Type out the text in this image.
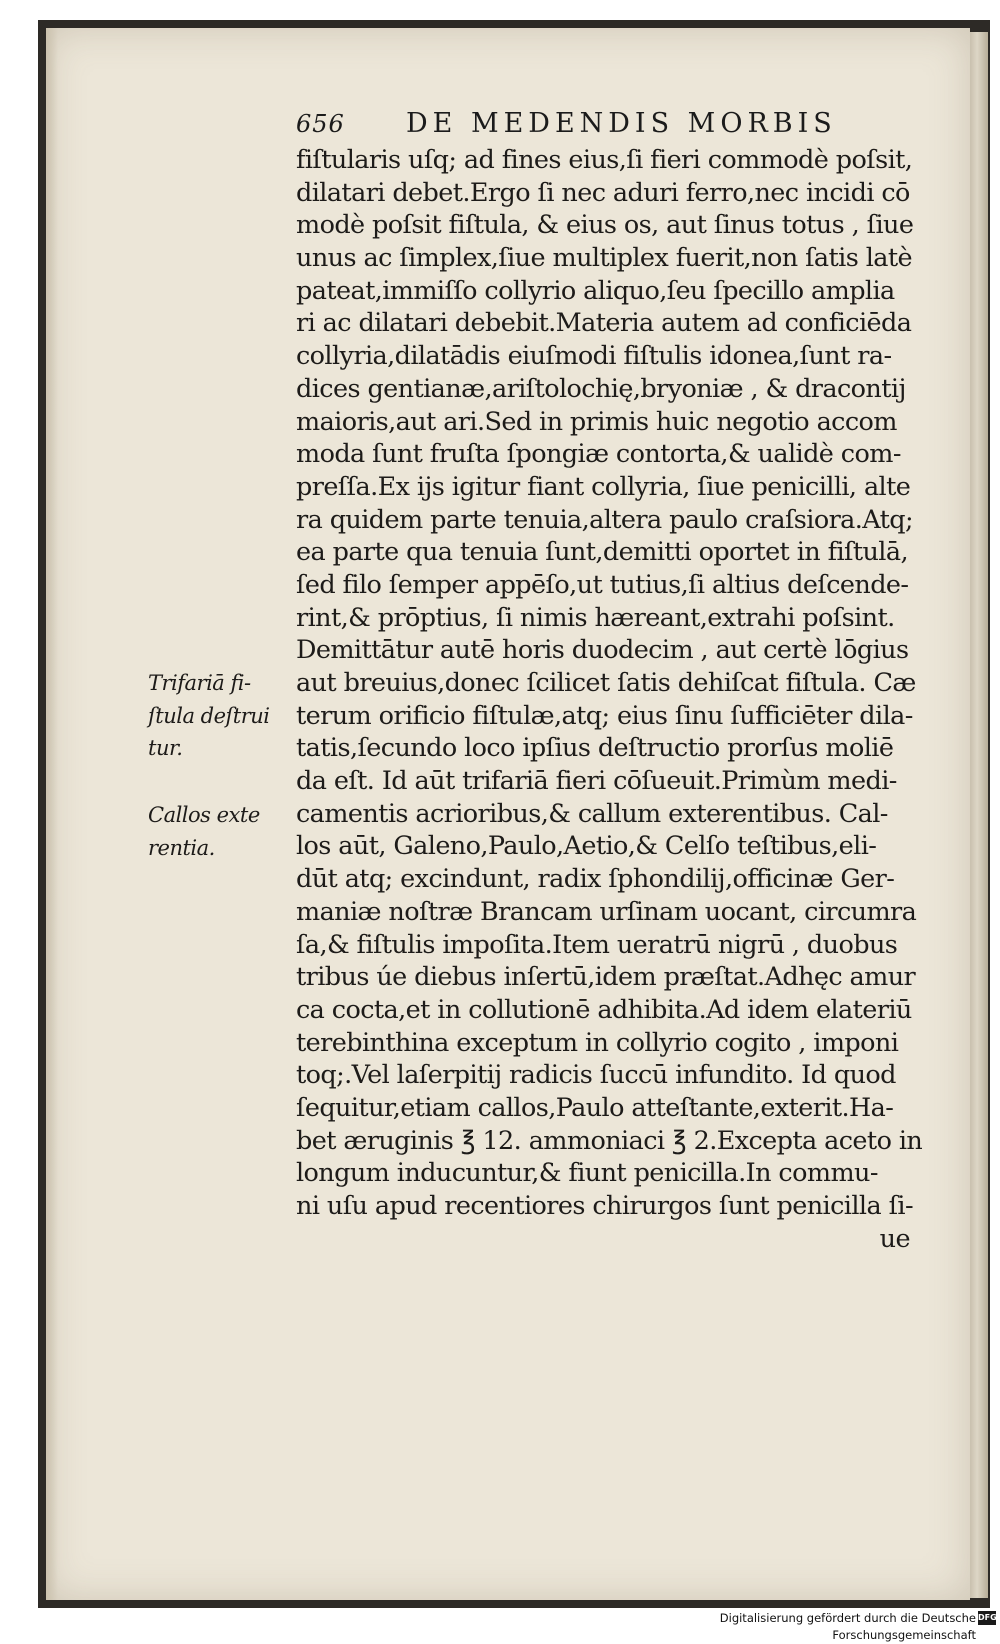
656 DE MEDENDIS MORBIS
fiſtularis uſq; ad fines eius,ſi fieri commodè poſsit,
dilatari debet.Ergo ſi nec aduri ferro,nec incidi cō
modè poſsit fiſtula, & eius os, aut ſinus totus , ſiue
unus ac ſimplex,ſiue multiplex fuerit,non ſatis latè
pateat,immiſſo collyrio aliquo,ſeu ſpecillo amplia
ri ac dilatari debebit.Materia autem ad conficiēda
collyria,dilatādis eiuſmodi fiſtulis idonea,ſunt ra-
dices gentianæ,ariſtolochię,bryoniæ , & dracontij
maioris,aut ari.Sed in primis huic negotio accom
moda ſunt fruſta ſpongiæ contorta,& ualidè com-
preſſa.Ex ijs igitur fiant collyria, ſiue penicilli, alte
ra quidem parte tenuia,altera paulo craſsiora.Atq;
ea parte qua tenuia ſunt,demitti oportet in fiſtulā,
ſed filo ſemper appēſo,ut tutius,ſi altius deſcende-
rint,& prōptius, ſi nimis hæreant,extrahi poſsint.
Demittātur autē horis duodecim , aut certè lōgius
aut breuius,donec ſcilicet ſatis dehiſcat fiſtula. Cæ
terum orificio fiſtulæ,atq; eius ſinu ſufficiēter dila-
tatis,ſecundo loco ipſius deſtructio prorſus moliē
da eſt. Id aūt trifariā fieri cōſueuit.Primùm medi-
camentis acrioribus,& callum exterentibus. Cal-
los aūt, Galeno,Paulo,Aetio,& Celſo teſtibus,eli-
dūt atq; excindunt, radix ſphondilij,officinæ Ger-
maniæ noſtræ Brancam urſinam uocant, circumra
ſa,& fiſtulis impoſita.Item ueratrū nigrū , duobus
tribus úe diebus inſertū,idem præſtat.Adhęc amur
ca cocta,et in collutionē adhibita.Ad idem elateriū
terebinthina exceptum in collyrio cogito , imponi
toq;.Vel laſerpitij radicis ſuccū infundito. Id quod
ſequitur,etiam callos,Paulo atteſtante,exterit.Ha-
bet æruginis ℥ 12. ammoniaci ℥ 2.Excepta aceto in
longum inducuntur,& fiunt penicilla.In commu-
ni uſu apud recentiores chirurgos ſunt penicilla ſi-
ue
Trifariā fi-
ſtula deſtrui
tur.
Callos exte
rentia.
Digitalisierung gefördert durch die Deutsche Forschungsgemeinschaft
DFG
